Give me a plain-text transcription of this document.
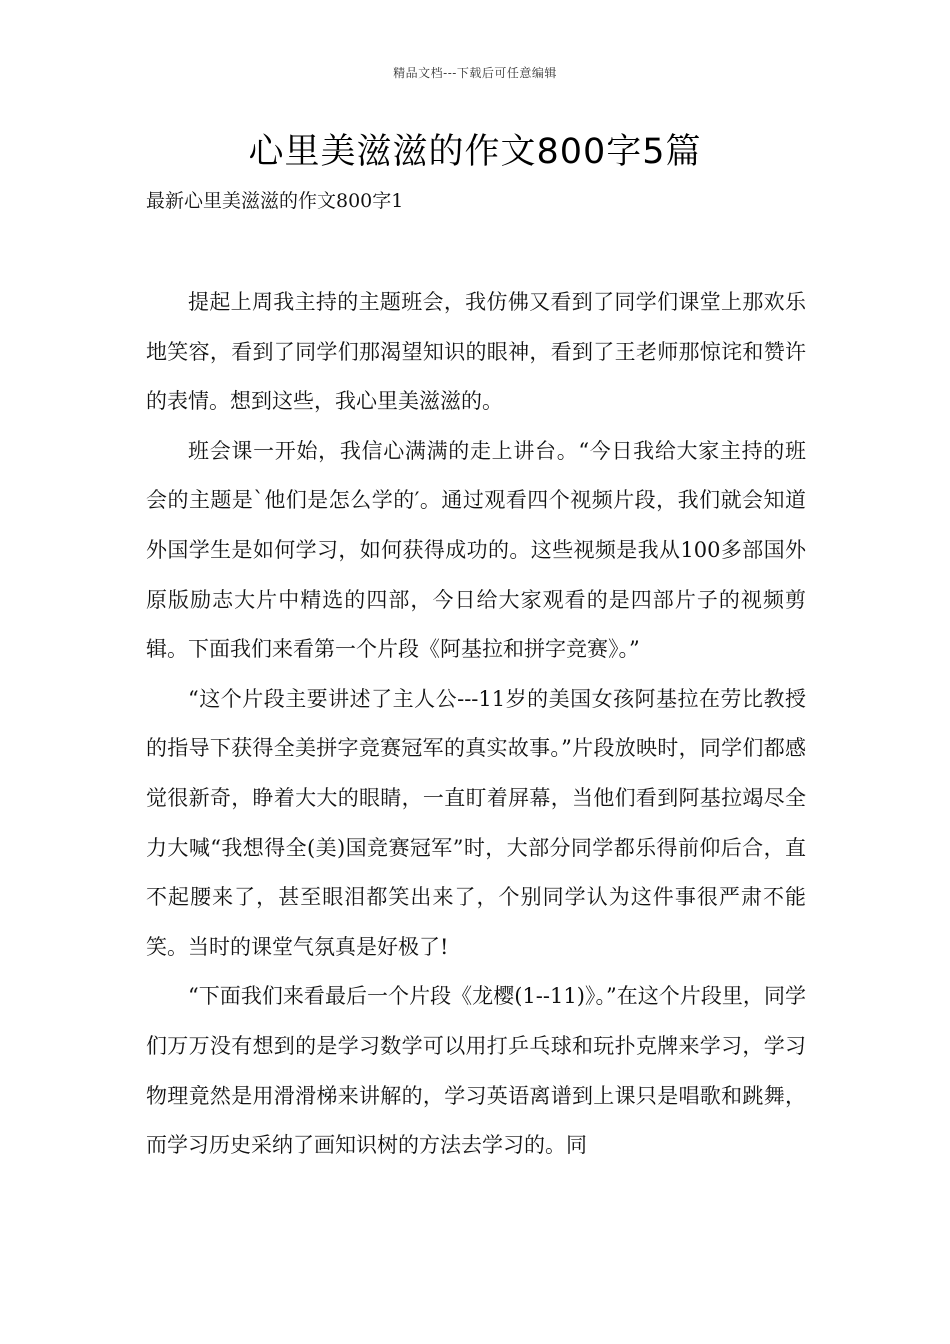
精品文档---下载后可任意编辑
心里美滋滋的作文800字5篇
最新心里美滋滋的作文800字1

提起上周我主持的主题班会，我仿佛又看到了同学们课堂上那欢乐地笑容，看到了同学们那渴望知识的眼神，看到了王老师那惊诧和赞许的表情。想到这些，我心里美滋滋的。

班会课一开始，我信心满满的走上讲台。“今日我给大家主持的班会的主题是`他们是怎么学的′。通过观看四个视频片段，我们就会知道外国学生是如何学习，如何获得成功的。这些视频是我从100多部国外原版励志大片中精选的四部，今日给大家观看的是四部片子的视频剪辑。下面我们来看第一个片段《阿基拉和拼字竞赛》。”

“这个片段主要讲述了主人公---11岁的美国女孩阿基拉在劳比教授的指导下获得全美拼字竞赛冠军的真实故事。”片段放映时，同学们都感觉很新奇，睁着大大的眼睛，一直盯着屏幕，当他们看到阿基拉竭尽全力大喊“我想得全(美)国竞赛冠军”时，大部分同学都乐得前仰后合，直不起腰来了，甚至眼泪都笑出来了，个别同学认为这件事很严肃不能笑。当时的课堂气氛真是好极了!

“下面我们来看最后一个片段《龙樱(1--11)》。”在这个片段里，同学们万万没有想到的是学习数学可以用打乒乓球和玩扑克牌来学习，学习物理竟然是用滑滑梯来讲解的，学习英语离谱到上课只是唱歌和跳舞，而学习历史采纳了画知识树的方法去学习的。同
